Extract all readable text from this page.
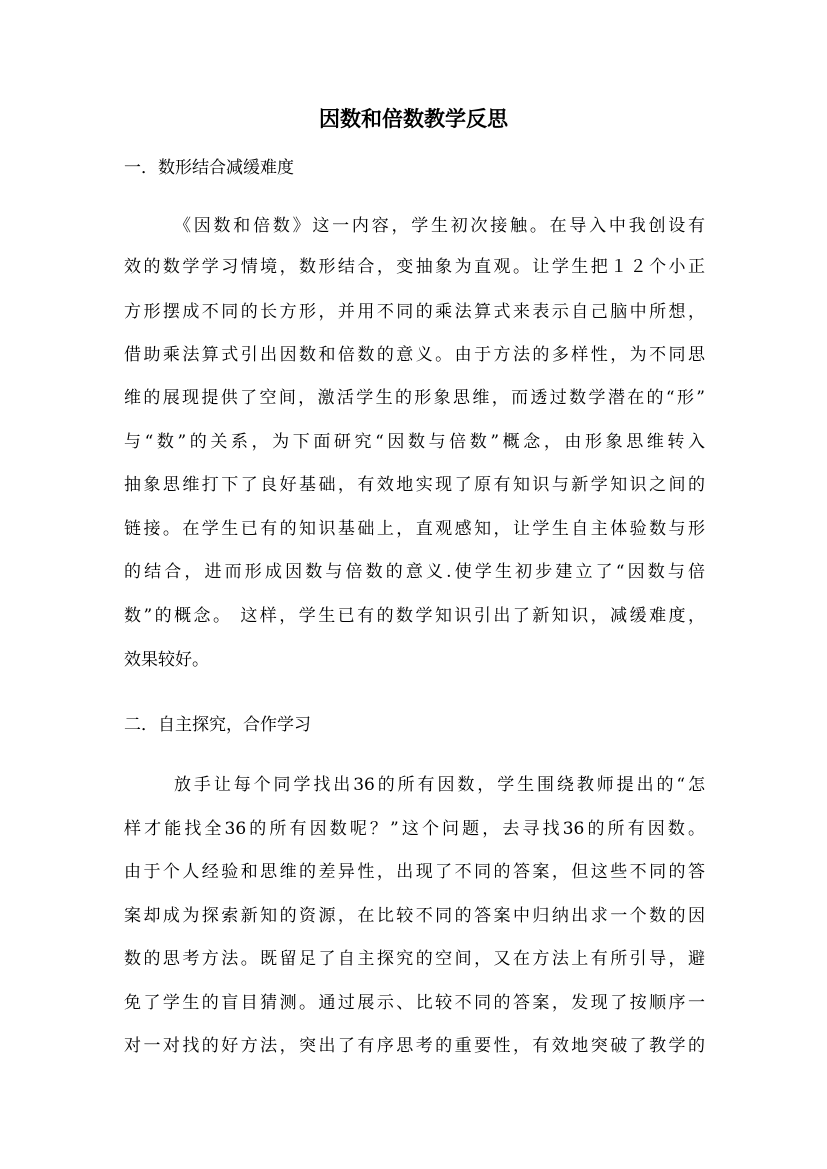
因数和倍数教学反思
一．数形结合减缓难度
《因数和倍数》这一内容，学生初次接触。在导入中我创设有
效的数学学习情境，数形结合，变抽象为直观。让学生把１２个小正
方形摆成不同的长方形，并用不同的乘法算式来表示自己脑中所想，
借助乘法算式引出因数和倍数的意义。由于方法的多样性，为不同思
维的展现提供了空间，激活学生的形象思维，而透过数学潜在的“形”
与“数”的关系，为下面研究“因数与倍数”概念，由形象思维转入
抽象思维打下了良好基础，有效地实现了原有知识与新学知识之间的
链接。在学生已有的知识基础上，直观感知，让学生自主体验数与形
的结合，进而形成因数与倍数的意义.使学生初步建立了“因数与倍
数”的概念。 这样，学生已有的数学知识引出了新知识，减缓难度，
效果较好。
二．自主探究，合作学习
放手让每个同学找出36的所有因数，学生围绕教师提出的“怎
样才能找全36的所有因数呢？”这个问题，去寻找36的所有因数。
由于个人经验和思维的差异性，出现了不同的答案，但这些不同的答
案却成为探索新知的资源，在比较不同的答案中归纳出求一个数的因
数的思考方法。既留足了自主探究的空间，又在方法上有所引导，避
免了学生的盲目猜测。通过展示、比较不同的答案，发现了按顺序一
对一对找的好方法，突出了有序思考的重要性，有效地突破了教学的
